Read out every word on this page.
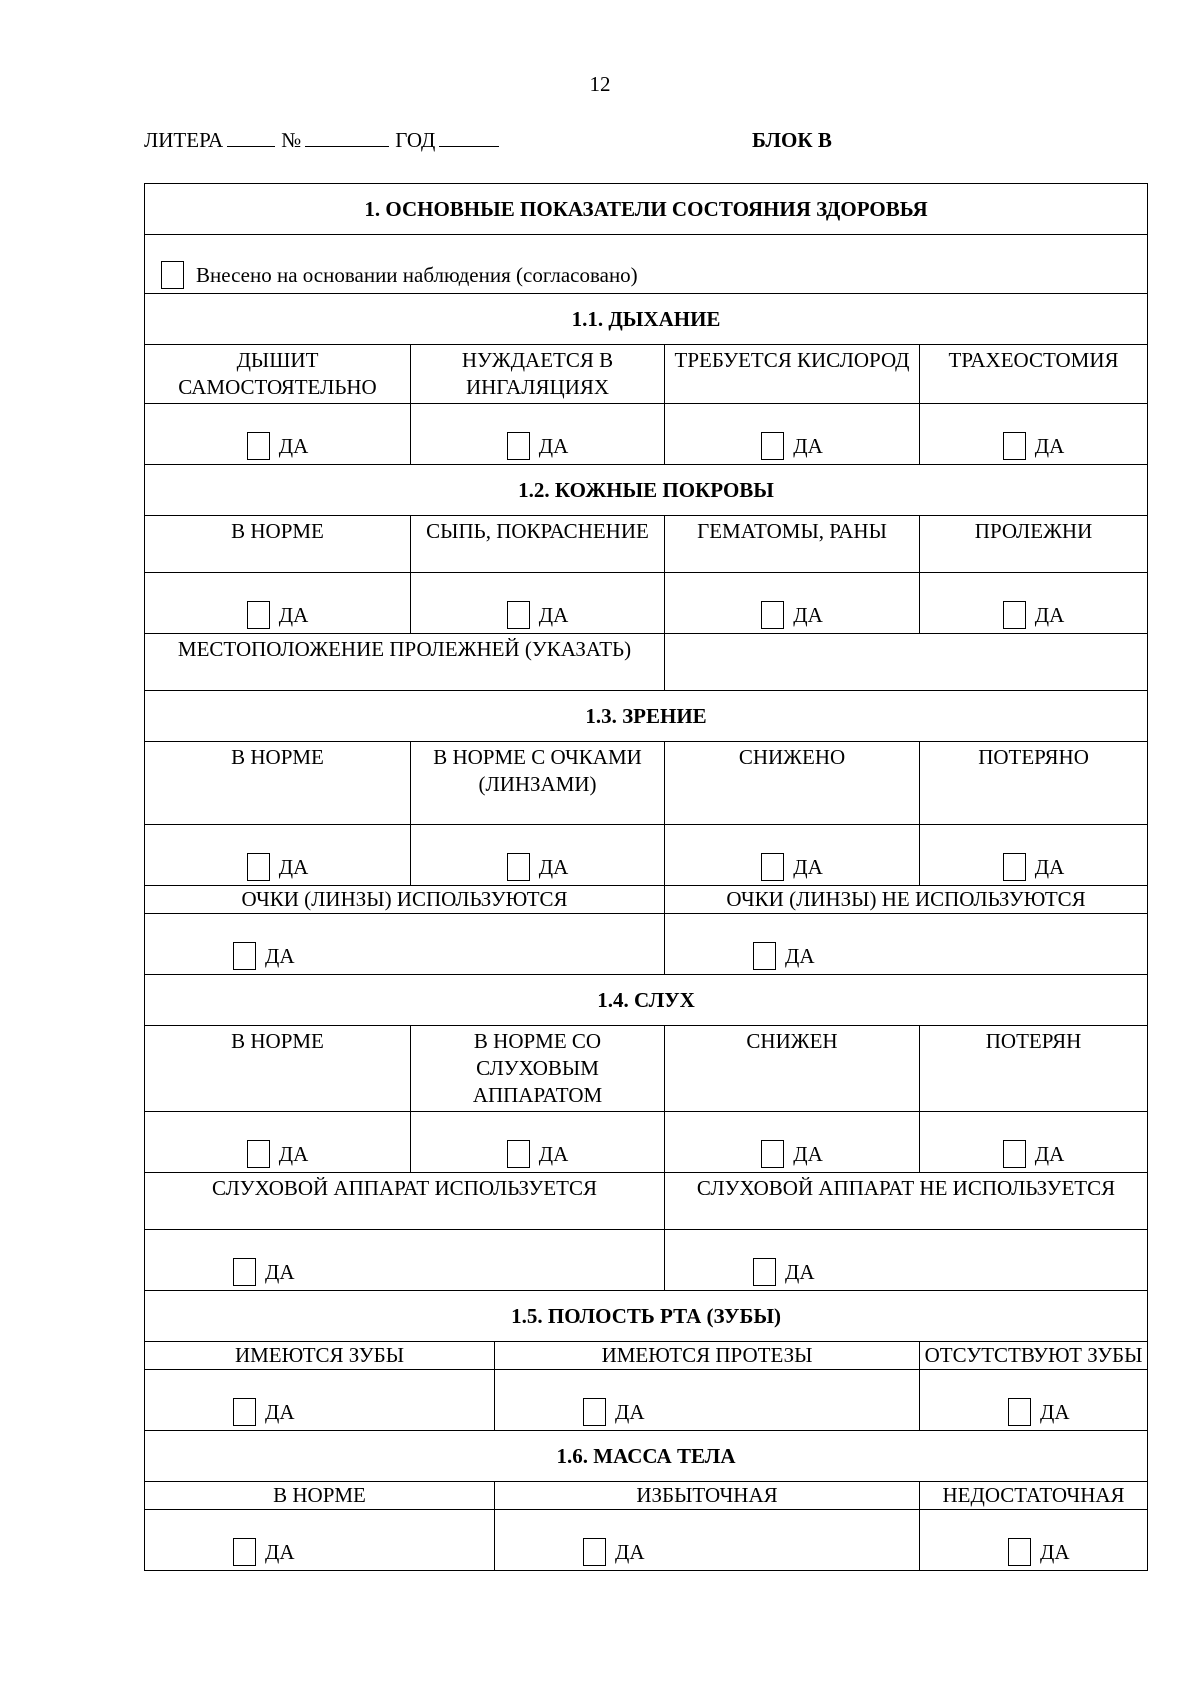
12
ЛИТЕРА	№	ГОД	БЛОК В
1. ОСНОВНЫЕ ПОКАЗАТЕЛИ СОСТОЯНИЯ ЗДОРОВЬЯ				
Внесено на основании наблюдения (согласовано)				
1.1. ДЫХАНИЕ				
ДЫШИТ САМОСТОЯТЕЛЬНО	НУЖДАЕТСЯ В ИНГАЛЯЦИЯХ		ТРЕБУЕТСЯ КИСЛОРОД	ТРАХЕОСТОМИЯ
ДА	ДА		ДА	ДА
1.2. КОЖНЫЕ ПОКРОВЫ				
В НОРМЕ	СЫПЬ, ПОКРАСНЕНИЕ		ГЕМАТОМЫ, РАНЫ	ПРОЛЕЖНИ
ДА	ДА		ДА	ДА
МЕСТОПОЛОЖЕНИЕ ПРОЛЕЖНЕЙ (УКАЗАТЬ)				
1.3. ЗРЕНИЕ				
В НОРМЕ	В НОРМЕ С ОЧКАМИ (ЛИНЗАМИ)		СНИЖЕНО	ПОТЕРЯНО
ДА	ДА		ДА	ДА
ОЧКИ (ЛИНЗЫ) ИСПОЛЬЗУЮТСЯ			ОЧКИ (ЛИНЗЫ) НЕ ИСПОЛЬЗУЮТСЯ	
ДА			ДА	
1.4. СЛУХ				
В НОРМЕ	В НОРМЕ СО СЛУХОВЫМ АППАРАТОМ		СНИЖЕН	ПОТЕРЯН
ДА	ДА		ДА	ДА
СЛУХОВОЙ АППАРАТ ИСПОЛЬЗУЕТСЯ			СЛУХОВОЙ АППАРАТ НЕ ИСПОЛЬЗУЕТСЯ	
ДА			ДА	
1.5. ПОЛОСТЬ РТА (ЗУБЫ)				
ИМЕЮТСЯ ЗУБЫ		ИМЕЮТСЯ ПРОТЕЗЫ		ОТСУТСТВУЮТ ЗУБЫ
ДА		ДА		ДА
1.6. МАССА ТЕЛА				
В НОРМЕ		ИЗБЫТОЧНАЯ		НЕДОСТАТОЧНАЯ
ДА		ДА		ДА
